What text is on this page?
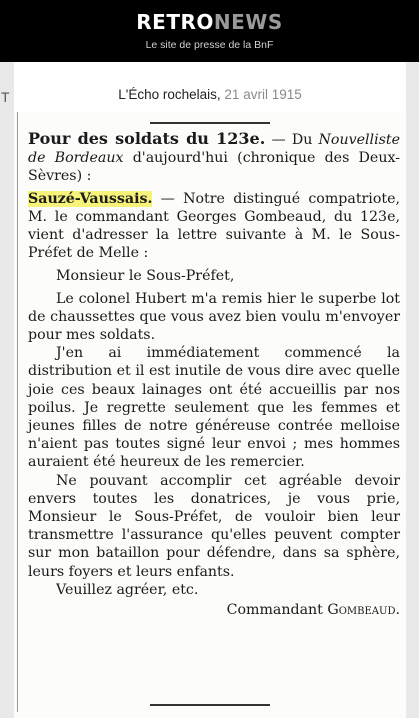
RETRONEWS
Le site de presse de la BnF
T	L'Écho rochelais, 21 avril 1915

Pour des soldats du 123e. — Du Nouvelliste de Bordeaux d'aujourd'hui (chronique des Deux-Sèvres) :

Sauzé-Vaussais. — Notre distingué compatriote, M. le commandant Georges Gombeaud, du 123e, vient d'adresser la lettre suivante à M. le Sous-Préfet de Melle :

Monsieur le Sous-Préfet,

Le colonel Hubert m'a remis hier le superbe lot de chaussettes que vous avez bien voulu m'envoyer pour mes soldats.

J'en ai immédiatement commencé la distribution et il est inutile de vous dire avec quelle joie ces beaux lainages ont été accueillis par nos poilus. Je regrette seulement que les femmes et jeunes filles de notre généreuse contrée melloise n'aient pas toutes signé leur envoi ; mes hommes auraient été heureux de les remercier.

Ne pouvant accomplir cet agréable devoir envers toutes les donatrices, je vous prie, Monsieur le Sous-Préfet, de vouloir bien leur transmettre l'assurance qu'elles peuvent compter sur mon bataillon pour défendre, dans sa sphère, leurs foyers et leurs enfants.

Veuillez agréer, etc.

Commandant Gombeaud.
